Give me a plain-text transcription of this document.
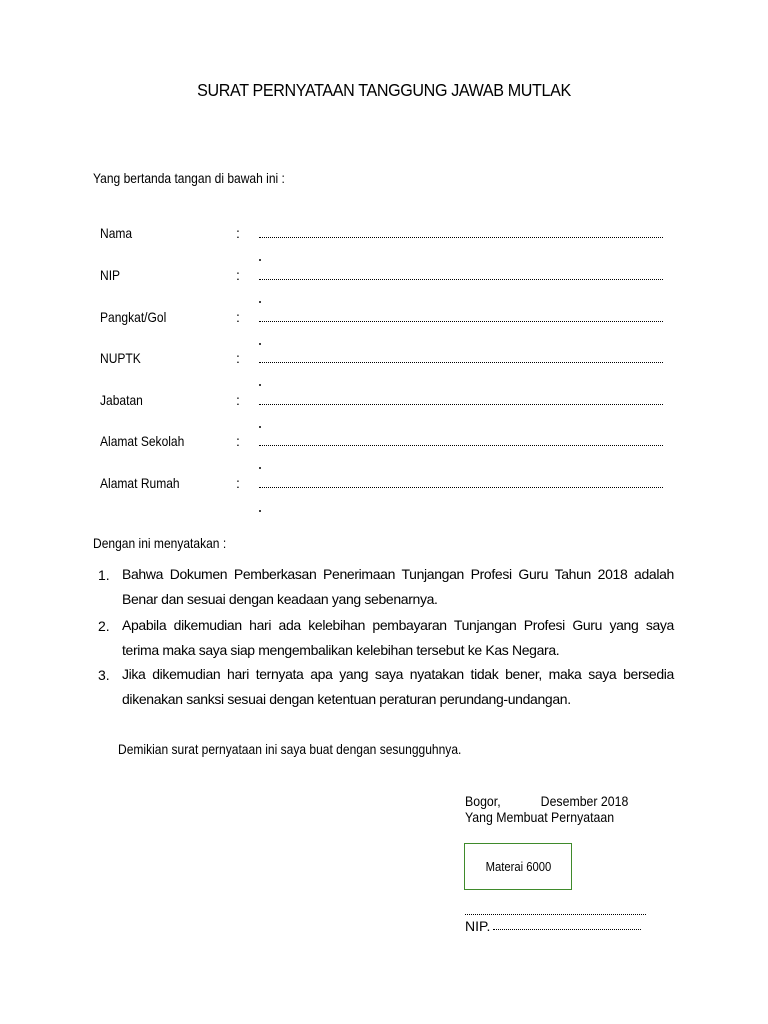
SURAT PERNYATAAN TANGGUNG JAWAB MUTLAK
Yang bertanda tangan di bawah ini :
Nama	:
NIP	:
Pangkat/Gol	:
NUPTK	:
Jabatan	:
Alamat Sekolah	:
Alamat Rumah	:
Dengan ini menyatakan :
1. Bahwa Dokumen Pemberkasan Penerimaan Tunjangan Profesi Guru Tahun 2018 adalah Benar dan sesuai dengan keadaan yang sebenarnya.
2. Apabila dikemudian hari ada kelebihan pembayaran Tunjangan Profesi Guru yang saya terima maka saya siap mengembalikan kelebihan tersebut ke Kas Negara.
3. Jika dikemudian hari ternyata apa yang saya nyatakan tidak bener, maka saya bersedia dikenakan sanksi sesuai dengan ketentuan peraturan perundang-undangan.
Demikian surat pernyataan ini saya buat dengan sesungguhnya.
Bogor,	Desember 2018
Yang Membuat Pernyataan
Materai 6000
NIP.
